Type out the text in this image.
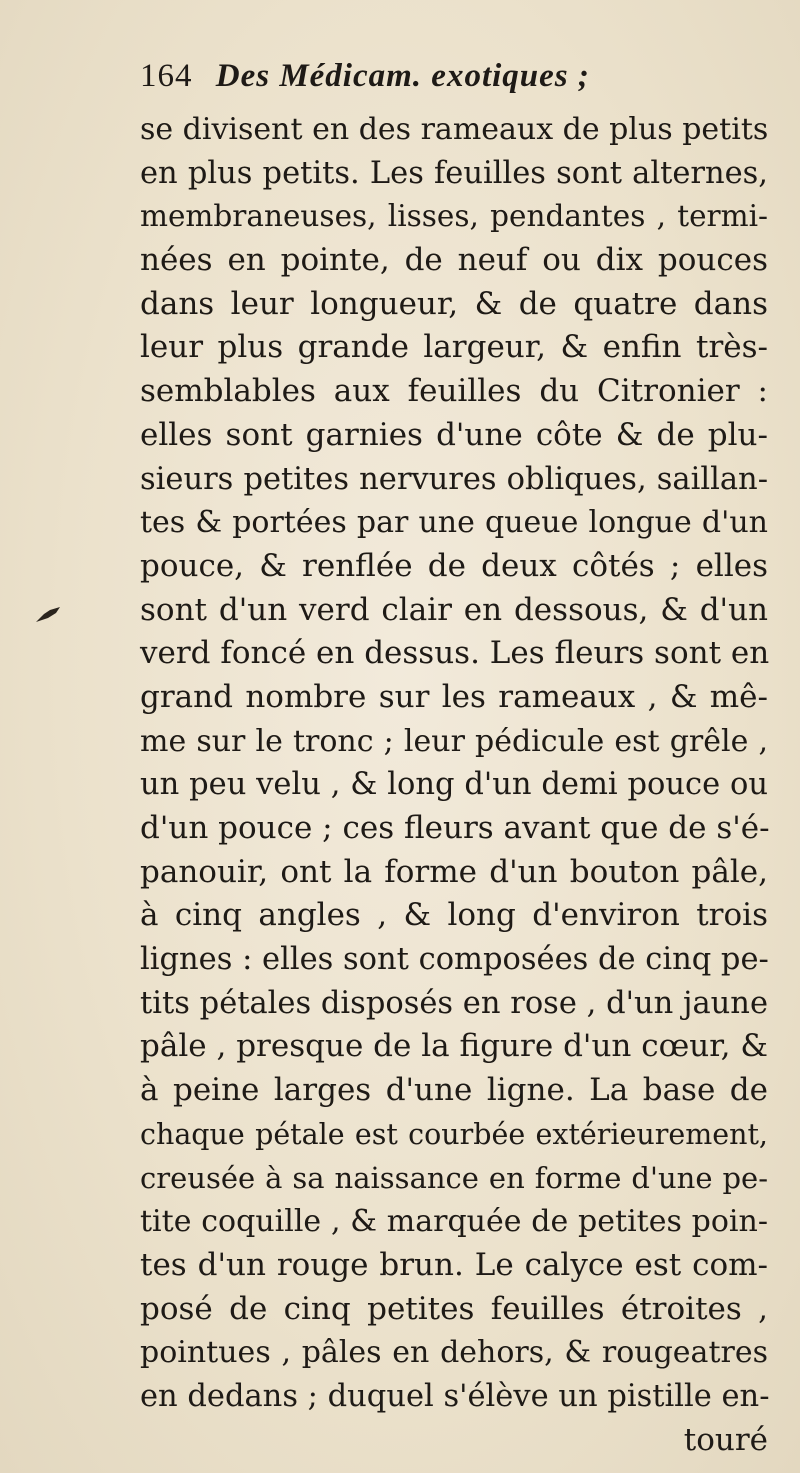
164 Des Médicam. exotiques ;
se divisent en des rameaux de plus petits
en plus petits. Les feuilles sont alternes,
membraneuses, lisses, pendantes , termi-
nées en pointe, de neuf ou dix pouces
dans leur longueur, & de quatre dans
leur plus grande largeur, & enfin très-
semblables aux feuilles du Citronier :
elles sont garnies d'une côte & de plu-
sieurs petites nervures obliques, saillan-
tes & portées par une queue longue d'un
pouce, & renflée de deux côtés ; elles
sont d'un verd clair en dessous, & d'un
verd foncé en dessus. Les fleurs sont en
grand nombre sur les rameaux , & mê-
me sur le tronc ; leur pédicule est grêle ,
un peu velu , & long d'un demi pouce ou
d'un pouce ; ces fleurs avant que de s'é-
panouir, ont la forme d'un bouton pâle,
à cinq angles , & long d'environ trois
lignes : elles sont composées de cinq pe-
tits pétales disposés en rose , d'un jaune
pâle , presque de la figure d'un cœur, &
à peine larges d'une ligne. La base de
chaque pétale est courbée extérieurement,
creusée à sa naissance en forme d'une pe-
tite coquille , & marquée de petites poin-
tes d'un rouge brun. Le calyce est com-
posé de cinq petites feuilles étroites ,
pointues , pâles en dehors, & rougeatres
en dedans ; duquel s'élève un pistille en-
touré
